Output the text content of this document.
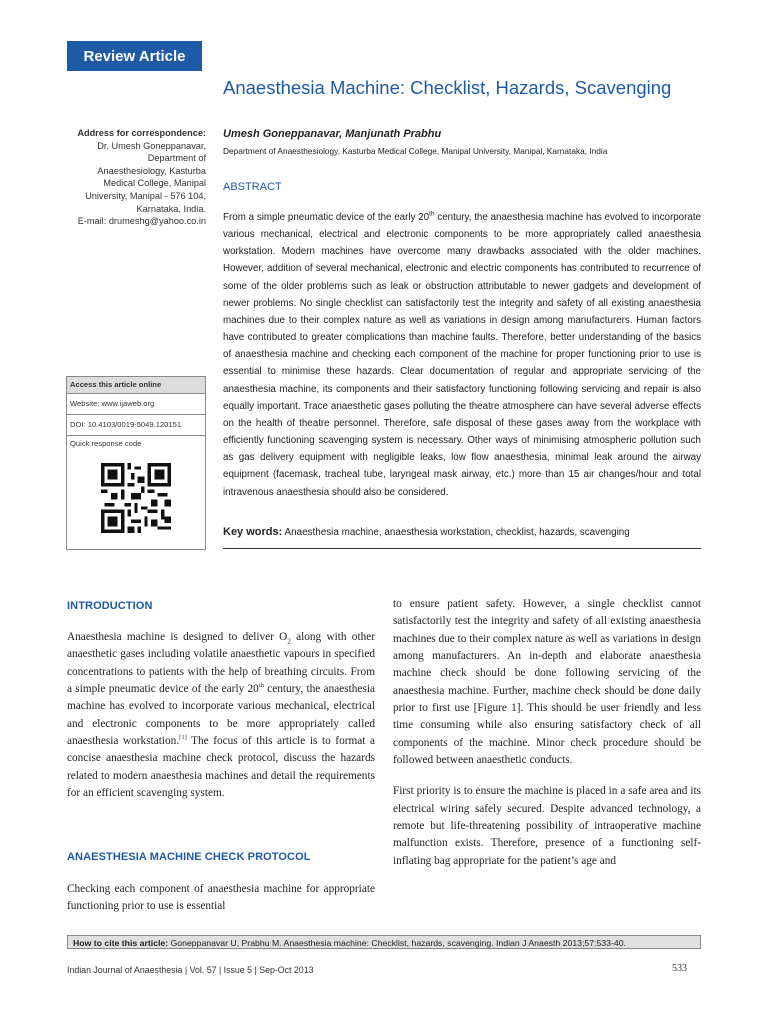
Review Article
Anaesthesia Machine: Checklist, Hazards, Scavenging
Address for correspondence:
Dr. Umesh Goneppanavar,
Department of
Anaesthesiology, Kasturba
Medical College, Manipal
University, Manipal - 576 104,
Karnataka, India.
E-mail: drumeshg@yahoo.co.in
Umesh Goneppanavar, Manjunath Prabhu
Department of Anaesthesiology, Kasturba Medical College, Manipal University, Manipal, Karnataka, India
ABSTRACT
From a simple pneumatic device of the early 20th century, the anaesthesia machine has evolved to incorporate various mechanical, electrical and electronic components to be more appropriately called anaesthesia workstation. Modern machines have overcome many drawbacks associated with the older machines. However, addition of several mechanical, electronic and electric components has contributed to recurrence of some of the older problems such as leak or obstruction attributable to newer gadgets and development of newer problems. No single checklist can satisfactorily test the integrity and safety of all existing anaesthesia machines due to their complex nature as well as variations in design among manufacturers. Human factors have contributed to greater complications than machine faults. Therefore, better understanding of the basics of anaesthesia machine and checking each component of the machine for proper functioning prior to use is essential to minimise these hazards. Clear documentation of regular and appropriate servicing of the anaesthesia machine, its components and their satisfactory functioning following servicing and repair is also equally important. Trace anaesthetic gases polluting the theatre atmosphere can have several adverse effects on the health of theatre personnel. Therefore, safe disposal of these gases away from the workplace with efficiently functioning scavenging system is necessary. Other ways of minimising atmospheric pollution such as gas delivery equipment with negligible leaks, low flow anaesthesia, minimal leak around the airway equipment (facemask, tracheal tube, laryngeal mask airway, etc.) more than 15 air changes/hour and total intravenous anaesthesia should also be considered.
Key words: Anaesthesia machine, anaesthesia workstation, checklist, hazards, scavenging
Access this article online
Website: www.ijaweb.org
DOI: 10.4103/0019-5049.120151
Quick response code
INTRODUCTION

Anaesthesia machine is designed to deliver $O_2$ along with other anaesthetic gases including volatile anaesthetic vapours in specified concentrations to patients with the help of breathing circuits. From a simple pneumatic device of the early 20th century, the anaesthesia machine has evolved to incorporate various mechanical, electrical and electronic components to be more appropriately called anaesthesia workstation.[1] The focus of this article is to format a concise anaesthesia machine check protocol, discuss the hazards related to modern anaesthesia machines and detail the requirements for an efficient scavenging system.

ANAESTHESIA MACHINE CHECK PROTOCOL

Checking each component of anaesthesia machine for appropriate functioning prior to use is essential

to ensure patient safety. However, a single checklist cannot satisfactorily test the integrity and safety of all existing anaesthesia machines due to their complex nature as well as variations in design among manufacturers. An in-depth and elaborate anaesthesia machine check should be done following servicing of the anaesthesia machine. Further, machine check should be done daily prior to first use [Figure 1]. This should be user friendly and less time consuming while also ensuring satisfactory check of all components of the machine. Minor check procedure should be followed between anaesthetic conducts.

First priority is to ensure the machine is placed in a safe area and its electrical wiring safely secured. Despite advanced technology, a remote but life-threatening possibility of intraoperative machine malfunction exists. Therefore, presence of a functioning self-inflating bag appropriate for the patient’s age and

How to cite this article: Goneppanavar U, Prabhu M. Anaesthesia machine: Checklist, hazards, scavenging. Indian J Anaesth 2013;57:533-40.
Indian Journal of Anaesthesia | Vol. 57 | Issue 5 | Sep-Oct 2013	533
